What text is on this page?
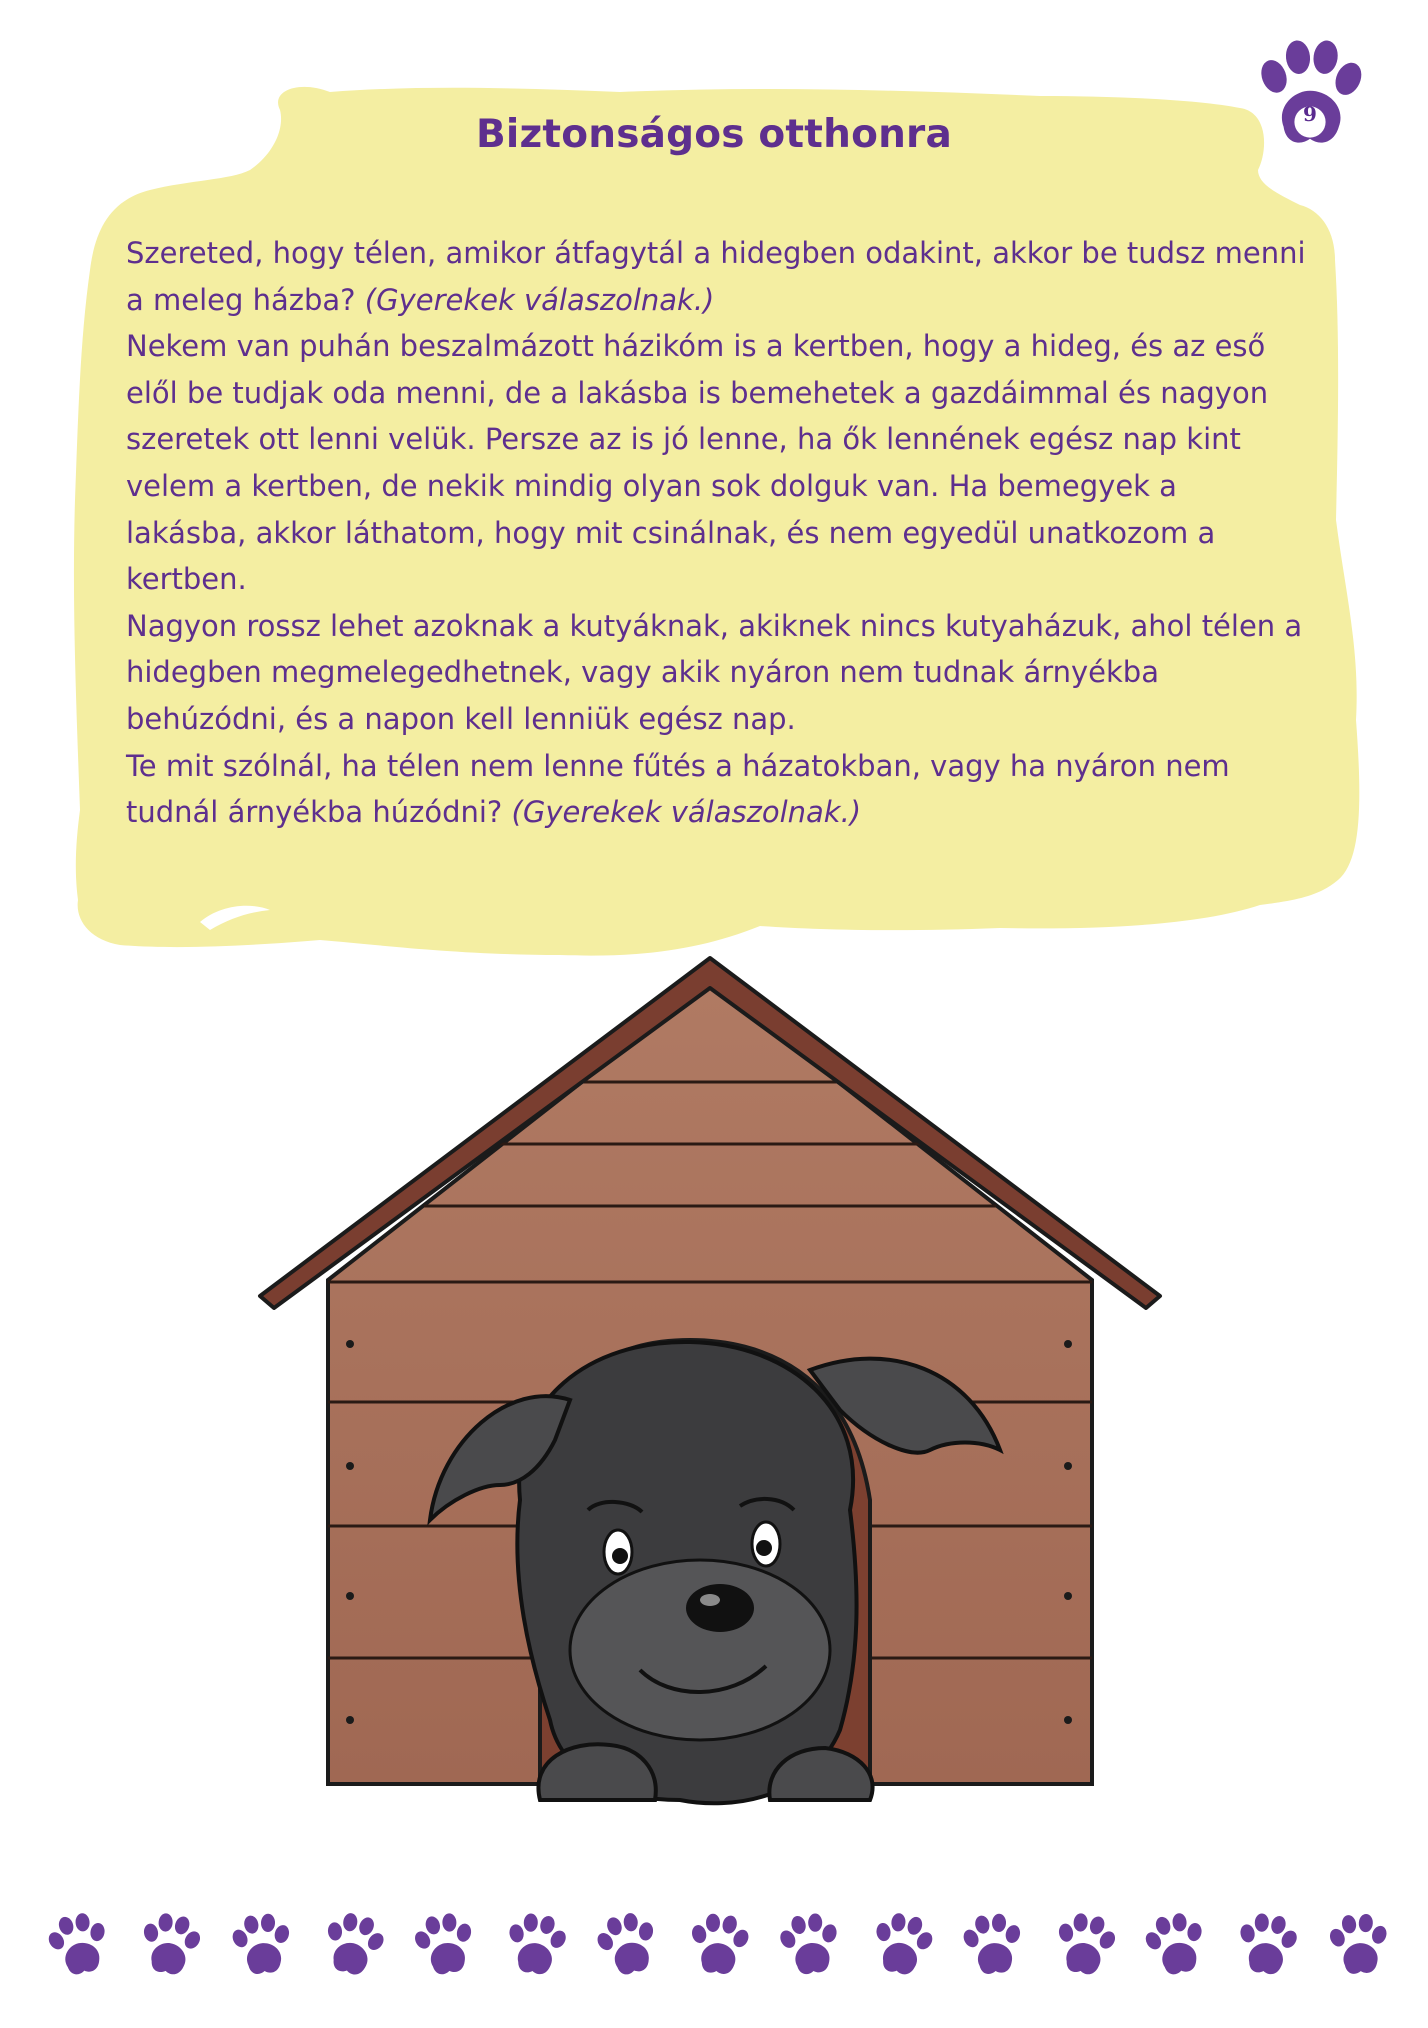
9
Biztonságos otthonra

Szereted, hogy télen, amikor átfagytál a hidegben odakint, akkor be tudsz menni a meleg házba? (Gyerekek válaszolnak.)

Nekem van puhán beszalmázott házikóm is a kertben, hogy a hideg, és az eső elől be tudjak oda menni, de a lakásba is bemehetek a gazdáimmal és nagyon szeretek ott lenni velük. Persze az is jó lenne, ha ők lennének egész nap kint velem a kertben, de nekik mindig olyan sok dolguk van. Ha bemegyek a lakásba, akkor láthatom, hogy mit csinálnak, és nem egyedül unatkozom a kertben.

Nagyon rossz lehet azoknak a kutyáknak, akiknek nincs kutyaházuk, ahol télen a hidegben megmelegedhetnek, vagy akik nyáron nem tudnak árnyékba behúzódni, és a napon kell lenniük egész nap.

Te mit szólnál, ha télen nem lenne fűtés a házatokban, vagy ha nyáron nem tudnál árnyékba húzódni? (Gyerekek válaszolnak.)
